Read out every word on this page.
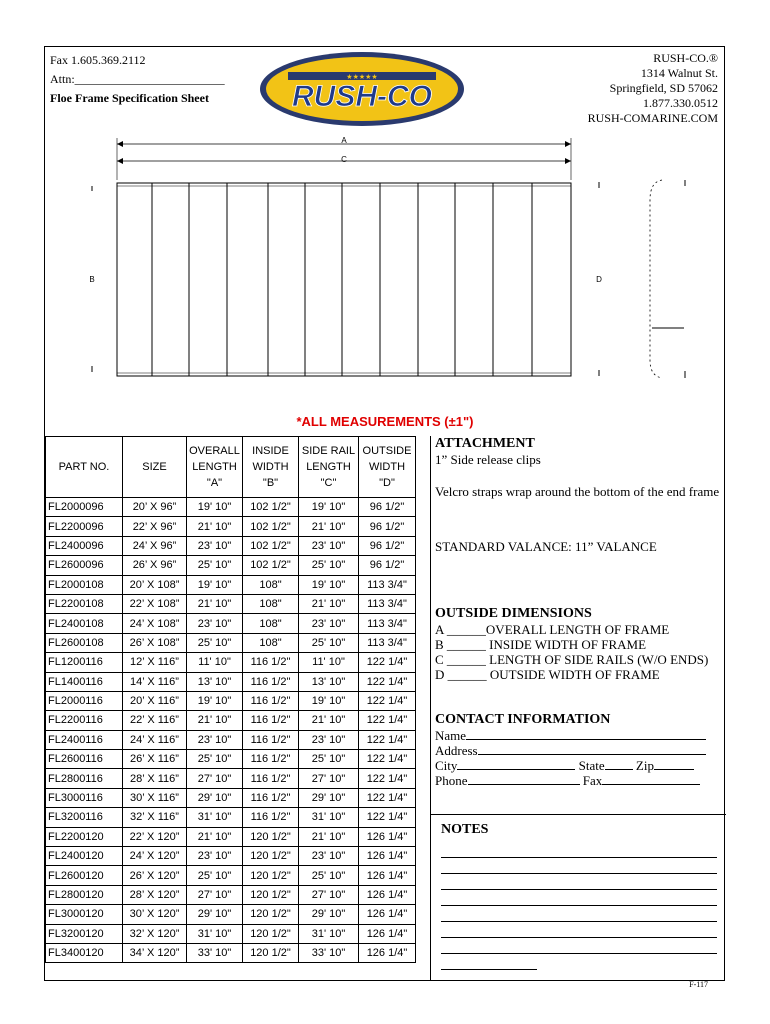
Fax 1.605.369.2112
Attn:_________________________
Floe Frame Specification Sheet
★★★★★
RUSH-CO
RUSH-CO.®
1314 Walnut St.
Springfield, SD 57062
1.877.330.0512
RUSH-COMARINE.COM
A
C
B	D
*ALL MEASUREMENTS (±1")
PART NO.	SIZE	OVERALL LENGTH "A"	INSIDE WIDTH "B"	SIDE RAIL LENGTH "C"	OUTSIDE WIDTH "D"
FL2000096	20’ X 96”	19' 10"	102 1/2"	19' 10"	96 1/2"
FL2200096	22’ X 96”	21' 10"	102 1/2"	21' 10"	96 1/2"
FL2400096	24’ X 96”	23' 10"	102 1/2"	23' 10"	96 1/2"
FL2600096	26’ X 96”	25' 10"	102 1/2"	25' 10"	96 1/2"
FL2000108	20’ X 108”	19' 10"	108"	19' 10"	113 3/4"
FL2200108	22’ X 108”	21' 10"	108"	21' 10"	113 3/4"
FL2400108	24’ X 108”	23' 10"	108"	23' 10"	113 3/4"
FL2600108	26’ X 108”	25' 10"	108"	25' 10"	113 3/4"
FL1200116	12’ X 116”	11' 10"	116 1/2"	11' 10"	122 1/4"
FL1400116	14’ X 116”	13' 10"	116 1/2"	13' 10"	122 1/4"
FL2000116	20’ X 116”	19' 10"	116 1/2"	19' 10"	122 1/4"
FL2200116	22’ X 116”	21' 10"	116 1/2"	21' 10"	122 1/4"
FL2400116	24’ X 116”	23' 10"	116 1/2"	23' 10"	122 1/4"
FL2600116	26’ X 116”	25' 10"	116 1/2"	25' 10"	122 1/4"
FL2800116	28’ X 116”	27' 10"	116 1/2"	27' 10"	122 1/4"
FL3000116	30’ X 116”	29' 10"	116 1/2"	29' 10"	122 1/4"
FL3200116	32’ X 116”	31' 10"	116 1/2"	31' 10"	122 1/4"
FL2200120	22’ X 120”	21' 10"	120 1/2"	21' 10"	126 1/4"
FL2400120	24’ X 120”	23' 10"	120 1/2"	23' 10"	126 1/4"
FL2600120	26’ X 120”	25' 10"	120 1/2"	25' 10"	126 1/4"
FL2800120	28’ X 120”	27' 10"	120 1/2"	27' 10"	126 1/4"
FL3000120	30’ X 120”	29' 10"	120 1/2"	29' 10"	126 1/4"
FL3200120	32’ X 120”	31' 10"	120 1/2"	31' 10"	126 1/4"
FL3400120	34’ X 120”	33' 10"	120 1/2"	33' 10"	126 1/4"
ATTACHMENT
1” Side release clips
Velcro straps wrap around the bottom of the end frame
STANDARD VALANCE: 11” VALANCE
OUTSIDE DIMENSIONS
A ______OVERALL LENGTH OF FRAME
B ______ INSIDE WIDTH OF FRAME
C ______ LENGTH OF SIDE RAILS (W/O ENDS)
D ______ OUTSIDE WIDTH OF FRAME
CONTACT INFORMATION
Name
Address
City	State Zip
Phone	Fax
NOTES
F-117
